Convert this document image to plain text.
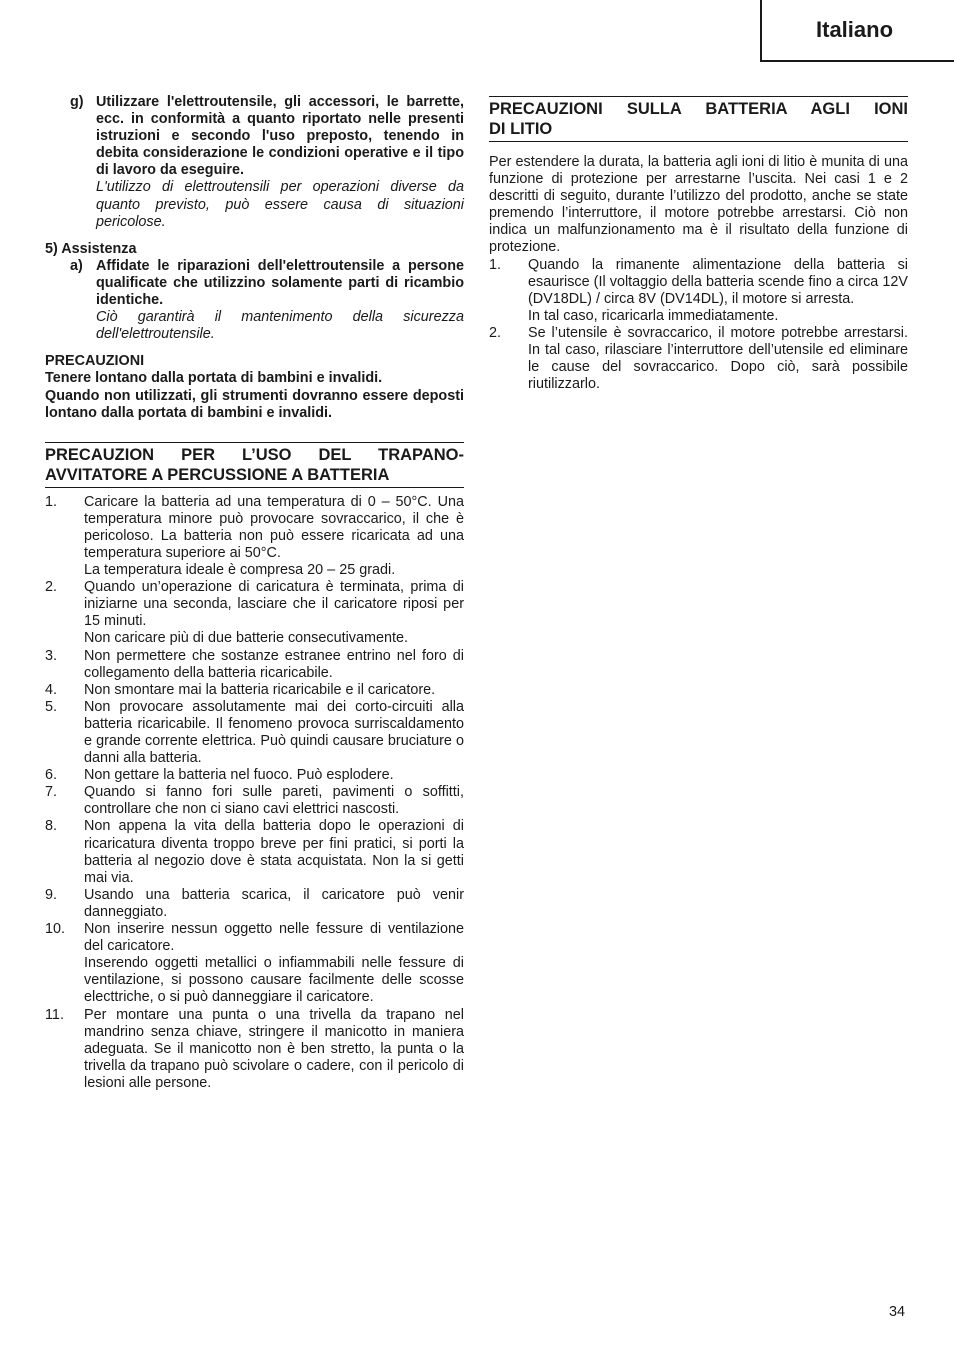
Italiano
g) Utilizzare l'elettroutensile, gli accessori, le barrette, ecc. in conformità a quanto riportato nelle presenti istruzioni e secondo l'uso preposto, tenendo in debita considerazione le condizioni operative e il tipo di lavoro da eseguire.
L'utilizzo di elettroutensili per operazioni diverse da quanto previsto, può essere causa di situazioni pericolose.
5) Assistenza
a) Affidate le riparazioni dell'elettroutensile a persone qualificate che utilizzino solamente parti di ricambio identiche.
Ciò garantirà il mantenimento della sicurezza dell'elettroutensile.
PRECAUZIONI
Tenere lontano dalla portata di bambini e invalidi.
Quando non utilizzati, gli strumenti dovranno essere deposti lontano dalla portata di bambini e invalidi.
PRECAUZION PER L’USO DEL TRAPANO-
AVVITATORE A PERCUSSIONE A BATTERIA
1.	Caricare la batteria ad una temperatura di 0 – 50°C. Una temperatura minore può provocare sovraccarico, il che è pericoloso. La batteria non può essere ricaricata ad una temperatura superiore ai 50°C.

La temperatura ideale è compresa 20 – 25 gradi.

2.	Quando un’operazione di caricatura è terminata, prima di iniziarne una seconda, lasciare che il caricatore riposi per 15 minuti.

Non caricare più di due batterie consecutivamente.

3.	Non permettere che sostanze estranee entrino nel foro di collegamento della batteria ricaricabile.

4.	Non smontare mai la batteria ricaricabile e il caricatore.

5.	Non provocare assolutamente mai dei corto-circuiti alla batteria ricaricabile. Il fenomeno provoca surriscaldamento e grande corrente elettrica. Può quindi causare bruciature o danni alla batteria.

6.	Non gettare la batteria nel fuoco. Può esplodere.

7.	Quando si fanno fori sulle pareti, pavimenti o soffitti, controllare che non ci siano cavi elettrici nascosti.

8.	Non appena la vita della batteria dopo le operazioni di ricaricatura diventa troppo breve per fini pratici, si porti la batteria al negozio dove è stata acquistata. Non la si getti mai via.

9.	Usando una batteria scarica, il caricatore può venir danneggiato.

10.	Non inserire nessun oggetto nelle fessure di ventilazione del caricatore.

Inserendo oggetti metallici o infiammabili nelle fessure di ventilazione, si possono causare facilmente delle scosse electtriche, o si può danneggiare il caricatore.

11.	Per montare una punta o una trivella da trapano nel mandrino senza chiave, stringere il manicotto in maniera adeguata. Se il manicotto non è ben stretto, la punta o la trivella da trapano può scivolare o cadere, con il pericolo di lesioni alle persone.

PRECAUZIONI SULLA BATTERIA AGLI IONI
DI LITIO
Per estendere la durata, la batteria agli ioni di litio è munita di una funzione di protezione per arrestarne l’uscita. Nei casi 1 e 2 descritti di seguito, durante l’utilizzo del prodotto, anche se state premendo l’interruttore, il motore potrebbe arrestarsi. Ciò non indica un malfunzionamento ma è il risultato della funzione di protezione.
1.	Quando la rimanente alimentazione della batteria si esaurisce (Il voltaggio della batteria scende fino a circa 12V (DV18DL) / circa 8V (DV14DL), il motore si arresta.

In tal caso, ricaricarla immediatamente.

2.	Se l’utensile è sovraccarico, il motore potrebbe arrestarsi. In tal caso, rilasciare l’interruttore dell’utensile ed eliminare le cause del sovraccarico. Dopo ciò, sarà possibile riutilizzarlo.

34
